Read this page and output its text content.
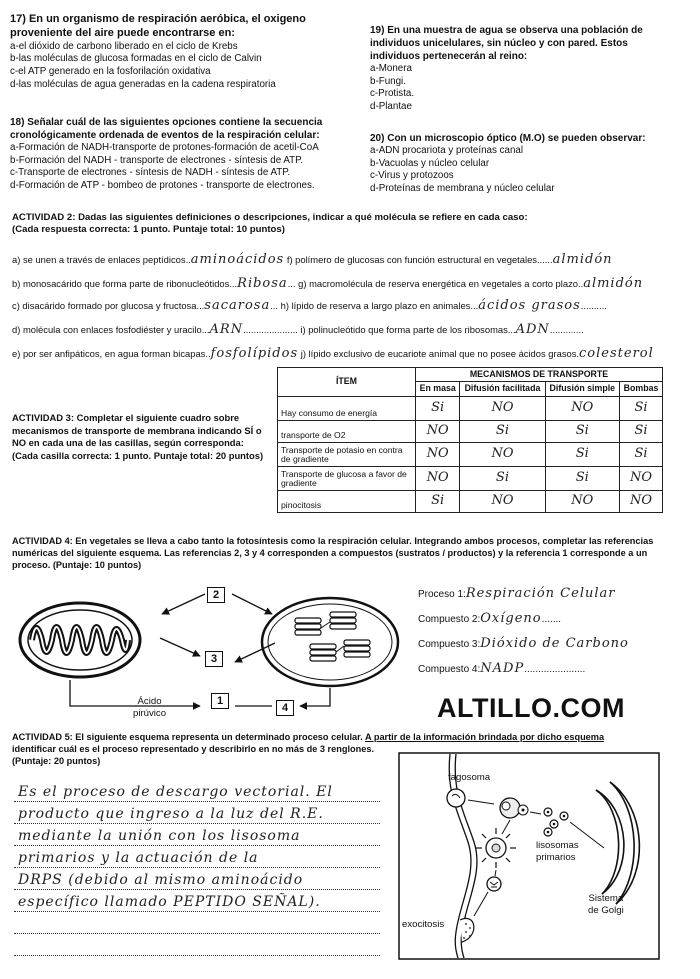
17) En un organismo de respiración aeróbica, el oxigeno proveniente del aire puede encontrarse en:
a-el dióxido de carbono liberado en el ciclo de Krebs
b-las moléculas de glucosa formadas en el ciclo de Calvin
c-el ATP generado en la fosforilación oxidativa
d-las moléculas de agua generadas en la cadena respiratoria
19) En una muestra de agua se observa una población de individuos unicelulares, sin núcleo y con pared. Estos individuos pertenecerán al reino:
a-Monera
b-Fungi.
c-Protista.
d-Plantae
18) Señalar cuál de las siguientes opciones contiene la secuencia cronológicamente ordenada de eventos de la respiración celular:
a-Formación de NADH-transporte de protones-formación de acetil-CoA
b-Formación del NADH - transporte de electrones - síntesis de ATP.
c-Transporte de electrones - síntesis de NADH - síntesis de ATP.
d-Formación de ATP - bombeo de protones - transporte de electrones.
20) Con un microscopio óptico (M.O) se pueden observar:
a-ADN procariota y proteínas canal
b-Vacuolas y núcleo celular
c-Virus y protozoos
d-Proteínas de membrana y núcleo celular
ACTIVIDAD 2: Dadas las siguientes definiciones o descripciones, indicar a qué molécula se refiere en cada caso:
(Cada respuesta correcta: 1 punto. Puntaje total: 10 puntos)
a) se unen a través de enlaces peptídicos..aminoácidos f) polímero de glucosas con función estructural en vegetales......almidón
b) monosacárido que forma parte de ribonucleótidos...Ribosa... g) macromolécula de reserva energética en vegetales a corto plazo..almidón
c) disacárido formado por glucosa y fructosa...sacarosa... h) lípido de reserva a largo plazo en animales...ácidos grasos..........
d) molécula con enlaces fosfodiéster y uracilo...ARN..................... i) polinucleótido que forma parte de los ribosomas...ADN.............
e) por ser anfipáticos, en agua forman bicapas..fosfolípidos j) lípido exclusivo de eucariote animal que no posee ácidos grasos.colesterol
ACTIVIDAD 3: Completar el siguiente cuadro sobre mecanismos de transporte de membrana indicando SÍ o NO en cada una de las casillas, según corresponda: (Cada casilla correcta: 1 punto. Puntaje total: 20 puntos)
ÍTEM	MECANISMOS DE TRANSPORTE			
	En masa	Difusión facilitada	Difusión simple	Bombas
Hay consumo de energía	Si	NO	NO	Si
transporte de O2	NO	Si	Si	Si
Transporte de potasio en contra de gradiente	NO	NO	Si	Si
Transporte de glucosa a favor de gradiente	NO	Si	Si	NO
pinocitosis	Si	NO	NO	NO
ACTIVIDAD 4: En vegetales se lleva a cabo tanto la fotosíntesis como la respiración celular. Integrando ambos procesos, completar las referencias numéricas del siguiente esquema. Las referencias 2, 3 y 4 corresponden a compuestos (sustratos / productos) y la referencia 1 corresponde a un proceso. (Puntaje: 10 puntos)
2
3
1
4
Ácido
pirúvico
Proceso 1:Respiración Celular
Compuesto 2:Oxígeno.......
Compuesto 3:Dióxido de Carbono
Compuesto 4:NADP......................
ALTILLO.COM
ACTIVIDAD 5: El siguiente esquema representa un determinado proceso celular. A partir de la información brindada por dicho esquema
identificar cuál es el proceso representado y describirlo en no más de 3 renglones.
(Puntaje: 20 puntos)
Es el proceso de descargo vectorial. El
producto que ingreso a la luz del R.E.
mediante la unión con los lisosoma
primarios y la actuación de la
DRPS (debido al mismo aminoácido
específico llamado PEPTIDO SEÑAL).
fagosoma
lisosomas
primarios
Sistema
de Golgi
exocitosis
